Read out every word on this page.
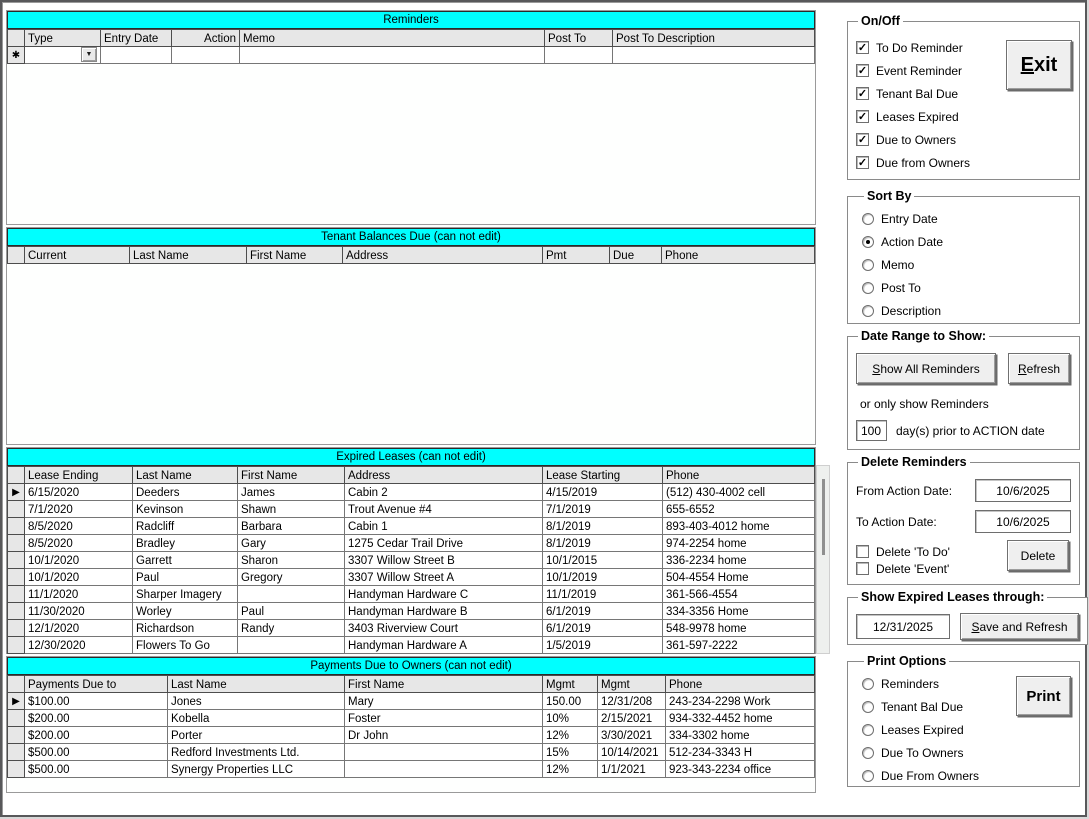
Reminders
	Type	Entry Date	Action	Memo	Post To	Post To Description
✱	▼					

Tenant Balances Due (can not edit)
	Current	Last Name	First Name	Address	Pmt	Due	Phone
Expired Leases (can not edit)
	Lease Ending	Last Name	First Name	Address	Lease Starting	Phone
▶	6/15/2020	Deeders	James	Cabin 2	4/15/2019	(512) 430-4002 cell
	7/1/2020	Kevinson	Shawn	Trout Avenue #4	7/1/2019	655-6552
	8/5/2020	Radcliff	Barbara	Cabin 1	8/1/2019	893-403-4012 home
	8/5/2020	Bradley	Gary	1275 Cedar Trail Drive	8/1/2019	974-2254 home
	10/1/2020	Garrett	Sharon	3307 Willow Street B	10/1/2015	336-2234 home
	10/1/2020	Paul	Gregory	3307 Willow Street A	10/1/2019	504-4554 Home
	11/1/2020	Sharper Imagery		Handyman Hardware C	11/1/2019	361-566-4554
	11/30/2020	Worley	Paul	Handyman Hardware B	6/1/2019	334-3356 Home
	12/1/2020	Richardson	Randy	3403 Riverview Court	6/1/2019	548-9978 home
	12/30/2020	Flowers To Go		Handyman Hardware A	1/5/2019	361-597-2222
Payments Due to Owners (can not edit)
	Payments Due to	Last Name	First Name	Mgmt	Mgmt	Phone
▶	$100.00	Jones	Mary	150.00	12/31/208	243-234-2298 Work
	$200.00	Kobella	Foster	10%	2/15/2021	934-332-4452 home
	$200.00	Porter	Dr John	12%	3/30/2021	334-3302 home
	$500.00	Redford Investments Ltd.		15%	10/14/2021	512-234-3343 H
	$500.00	Synergy Properties LLC		12%	1/1/2021	923-343-2234 office
On/Off
✓ To Do Reminder
✓ Event Reminder
✓ Tenant Bal Due
✓ Leases Expired
✓ Due to Owners
✓ Due from Owners
E xit
Sort By
Entry Date
Action Date
Memo
Post To
Description
Date Range to Show:
S how All Reminders	R efresh
or only show Reminders
100	day(s) prior to ACTION date
Delete Reminders
From Action Date:	10/6/2025
To Action Date:	10/6/2025
Delete 'To Do'
Delete 'Event'
Delete
Show Expired Leases through:
12/31/2025	S ave and Refresh
Print Options
Reminders
Tenant Bal Due
Leases Expired
Due To Owners
Due From Owners
Print
